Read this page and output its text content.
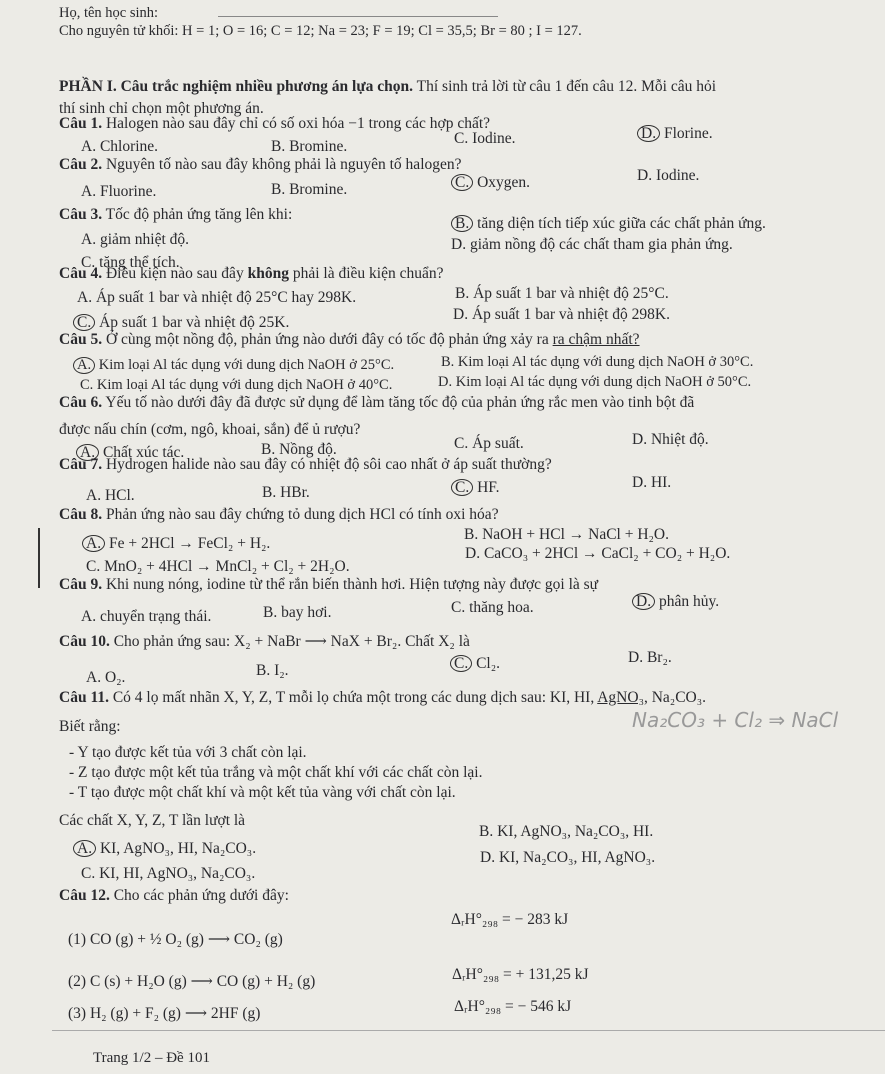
Họ, tên học sinh:
Cho nguyên tử khối: H = 1; O = 16; C = 12; Na = 23; F = 19; Cl = 35,5; Br = 80 ; I = 127.
PHẦN I. Câu trắc nghiệm nhiều phương án lựa chọn. Thí sinh trả lời từ câu 1 đến câu 12. Mỗi câu hỏi
thí sinh chỉ chọn một phương án.
Câu 1. Halogen nào sau đây chỉ có số oxi hóa −1 trong các hợp chất?
A. Chlorine.	B. Bromine.	C. Iodine.	D. Florine.
Câu 2. Nguyên tố nào sau đây không phải là nguyên tố halogen?
A. Fluorine.	B. Bromine.	C. Oxygen.	D. Iodine.
Câu 3. Tốc độ phản ứng tăng lên khi:
B. tăng diện tích tiếp xúc giữa các chất phản ứng.
A. giảm nhiệt độ.	D. giảm nồng độ các chất tham gia phản ứng.
C. tăng thể tích.
Câu 4. Điều kiện nào sau đây không phải là điều kiện chuẩn?
A. Áp suất 1 bar và nhiệt độ 25°C hay 298K.	B. Áp suất 1 bar và nhiệt độ 25°C.
D. Áp suất 1 bar và nhiệt độ 298K.
C. Áp suất 1 bar và nhiệt độ 25K.
Câu 5. Ở cùng một nồng độ, phản ứng nào dưới đây có tốc độ phản ứng xảy ra ra chậm nhất?
A. Kim loại Al tác dụng với dung dịch NaOH ở 25°C.	B. Kim loại Al tác dụng với dung dịch NaOH ở 30°C.
C. Kim loại Al tác dụng với dung dịch NaOH ở 40°C.	D. Kim loại Al tác dụng với dung dịch NaOH ở 50°C.
Câu 6. Yếu tố nào dưới đây đã được sử dụng để làm tăng tốc độ của phản ứng rắc men vào tinh bột đã
được nấu chín (cơm, ngô, khoai, sắn) để ủ rượu?
A. Chất xúc tác.	B. Nồng độ.	C. Áp suất.	D. Nhiệt độ.
Câu 7. Hydrogen halide nào sau đây có nhiệt độ sôi cao nhất ở áp suất thường?
A. HCl.	B. HBr.	C. HF.	D. HI.
Câu 8. Phản ứng nào sau đây chứng tỏ dung dịch HCl có tính oxi hóa?
B. NaOH + HCl → NaCl + H₂O.
A. Fe + 2HCl → FeCl₂ + H₂.
D. CaCO₃ + 2HCl → CaCl₂ + CO₂ + H₂O.
C. MnO₂ + 4HCl → MnCl₂ + Cl₂ + 2H₂O.
Câu 9. Khi nung nóng, iodine từ thể rắn biến thành hơi. Hiện tượng này được gọi là sự
A. chuyển trạng thái.	B. bay hơi.	C. thăng hoa.	D. phân hủy.
Câu 10. Cho phản ứng sau: X₂ + NaBr ⟶ NaX + Br₂. Chất X₂ là
A. O₂.	B. I₂.	C. Cl₂.	D. Br₂.
Câu 11. Có 4 lọ mất nhãn X, Y, Z, T mỗi lọ chứa một trong các dung dịch sau: KI, HI, AgNO₃, Na₂CO₃.
Biết rằng:	Na₂CO₃ + Cl₂ ⇒ NaCl
- Y tạo được kết tủa với 3 chất còn lại.
- Z tạo được một kết tủa trắng và một chất khí với các chất còn lại.
- T tạo được một chất khí và một kết tủa vàng với chất còn lại.
Các chất X, Y, Z, T lần lượt là
B. KI, AgNO₃, Na₂CO₃, HI.
A. KI, AgNO₃, HI, Na₂CO₃.
D. KI, Na₂CO₃, HI, AgNO₃.
C. KI, HI, AgNO₃, Na₂CO₃.
Câu 12. Cho các phản ứng dưới đây:
(1) CO (g) + ½ O₂ (g) ⟶ CO₂ (g)
ΔᵣH°₂₉₈ = − 283 kJ
(2) C (s) + H₂O (g) ⟶ CO (g) + H₂ (g)	ΔᵣH°₂₉₈ = + 131,25 kJ
(3) H₂ (g) + F₂ (g) ⟶ 2HF (g)	ΔᵣH°₂₉₈ = − 546 kJ
Trang 1/2 – Đề 101
